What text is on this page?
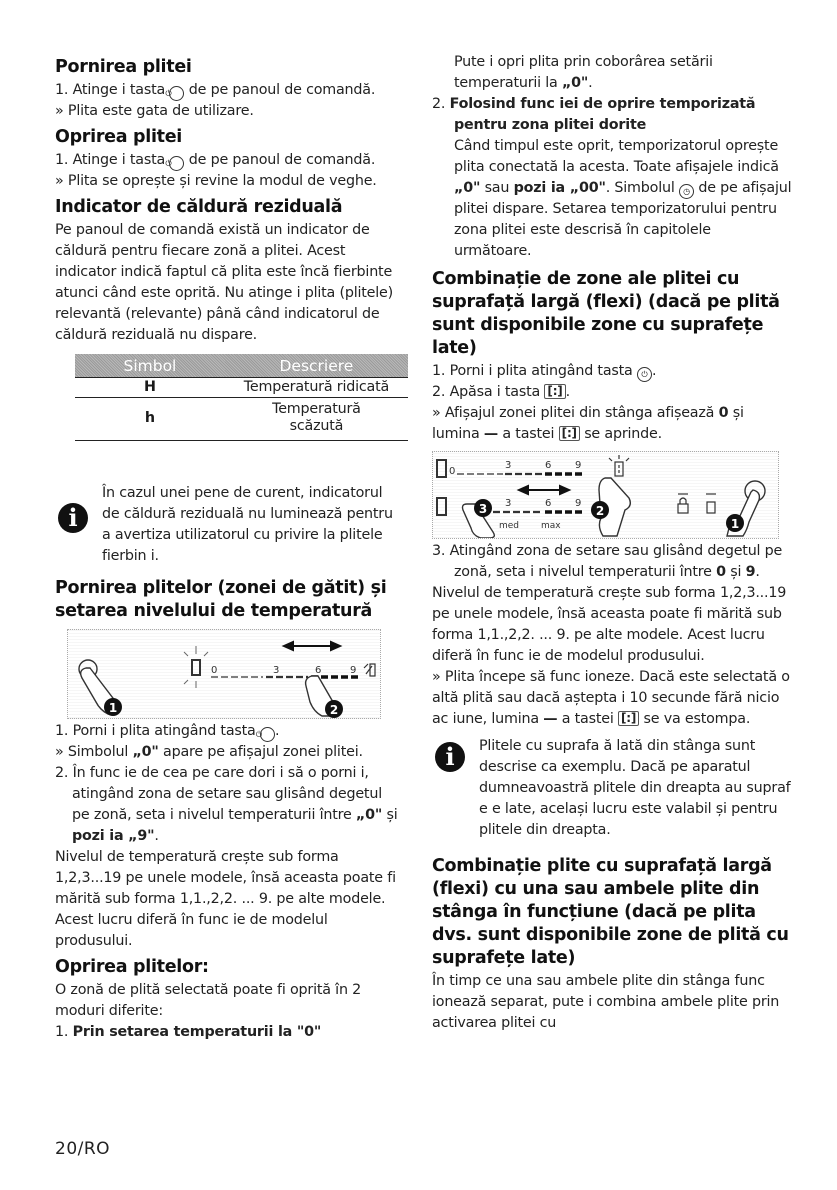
Pornirea plitei

1. Atinge i tasta ⏻ de pe panoul de comandă.

» Plita este gata de utilizare.

Oprirea plitei

1. Atinge i tasta ⏻ de pe panoul de comandă.

» Plita se oprește și revine la modul de veghe.

Indicator de căldură reziduală

Pe panoul de comandă există un indicator de căldură pentru fiecare zonă a plitei. Acest indicator indică faptul că plita este încă fierbinte atunci când este oprită. Nu atinge i plita (plitele) relevantă (relevante) până când indicatorul de căldură reziduală nu dispare.

Simbol	Descriere
H	Temperatură ridicată
h	Temperatură scăzută
i
În cazul unei pene de curent, indicatorul de căldură reziduală nu luminează pentru a avertiza utilizatorul cu privire la plitele fierbin i.
Pornirea plitelor (zonei de gătit) și setarea nivelului de temperatură
1
0	3	6	9
2

1. Porni i plita atingând tasta ⏻ .

» Simbolul „0" apare pe afișajul zonei plitei.

2. În func ie de cea pe care dori i să o porni i, atingând zona de setare sau glisând degetul pe zonă, seta i nivelul temperaturii între „0" și pozi ia „9".

Nivelul de temperatură crește sub forma 1,2,3...19 pe unele modele, însă aceasta poate fi mărită sub forma 1,1.,2,2. ... 9. pe alte modele. Acest lucru diferă în func ie de modelul produsului.

Oprirea plitelor:

O zonă de plită selectată poate fi oprită în 2 moduri diferite:

1. Prin setarea temperaturii la "0"

Pute i opri plita prin coborârea setării temperaturii la „0".

2. Folosind func iei de oprire temporizată pentru zona plitei dorite

Când timpul este oprit, temporizatorul oprește plita conectată la acesta. Toate afișajele indică „0" sau pozi ia „00". Simbolul ◷ de pe afișajul plitei dispare. Setarea temporizatorului pentru zona plitei este descrisă în capitolele următoare.

Combinație de zone ale plitei cu suprafață largă (flexi) (dacă pe plită sunt disponibile zone cu suprafețe late)

1. Porni i plita atingând tasta ⏻ .

2. Apăsa i tasta [:] .

» Afișajul zonei plitei din stânga afișează 0 și lumina — a tastei [:] se aprinde.

0
3	6 9
3	6 9
med max
3	2
1

3. Atingând zona de setare sau glisând degetul pe zonă, seta i nivelul temperaturii între 0 și 9.

Nivelul de temperatură crește sub forma 1,2,3...19 pe unele modele, însă aceasta poate fi mărită sub forma 1,1.,2,2. ... 9. pe alte modele. Acest lucru diferă în func ie de modelul produsului.

» Plita începe să func ioneze. Dacă este selectată o altă plită sau dacă aștepta i 10 secunde fără nicio ac iune, lumina — a tastei [:] se va estompa.

i	Plitele cu suprafa ă lată din stânga sunt descrise ca exemplu. Dacă pe aparatul dumneavoastră plitele din dreapta au supraf e e late, același lucru este valabil și pentru plitele din dreapta.
Combinație plite cu suprafață largă (flexi) cu una sau ambele plite din stânga în funcțiune (dacă pe plita dvs. sunt disponibile zone de plită cu suprafețe late)

În timp ce una sau ambele plite din stânga func ionează separat, pute i combina ambele plite prin activarea plitei cu

20/RO
